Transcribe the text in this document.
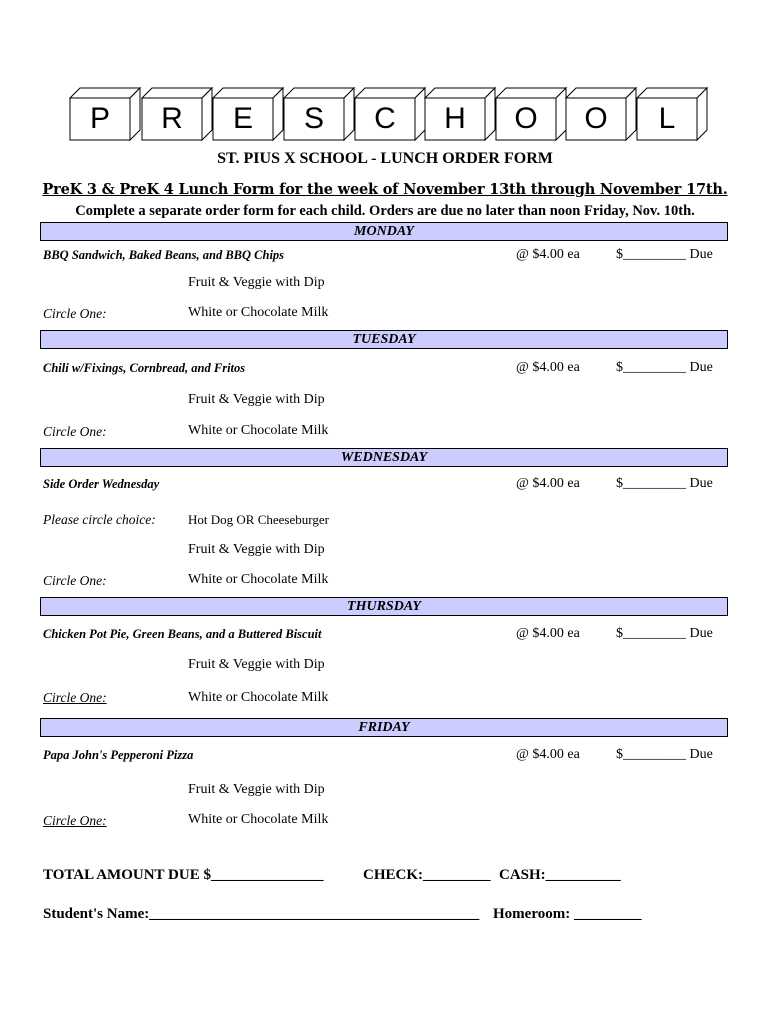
P	R	E	S	C	H	O	O	L
ST. PIUS X SCHOOL - LUNCH ORDER FORM
PreK 3 & PreK 4 Lunch Form for the week of November 13th through November 17th.
Complete a separate order form for each child. Orders are due no later than noon Friday, Nov. 10th.
MONDAY
BBQ Sandwich, Baked Beans, and BBQ Chips	@ $4.00 ea	$_________ Due
Fruit & Veggie with Dip
Circle One:	White or Chocolate Milk
TUESDAY
Chili w/Fixings, Cornbread, and Fritos	@ $4.00 ea	$_________ Due
Fruit & Veggie with Dip
Circle One:	White or Chocolate Milk
WEDNESDAY
Side Order Wednesday	@ $4.00 ea	$_________ Due
Please circle choice: Hot Dog OR Cheeseburger
Fruit & Veggie with Dip
Circle One:	White or Chocolate Milk
THURSDAY
Chicken Pot Pie, Green Beans, and a Buttered Biscuit	@ $4.00 ea	$_________ Due
Fruit & Veggie with Dip
Circle One:	White or Chocolate Milk
FRIDAY
Papa John's Pepperoni Pizza	@ $4.00 ea	$_________ Due
Fruit & Veggie with Dip
Circle One:	White or Chocolate Milk
TOTAL AMOUNT DUE $_______________	CHECK:_________ CASH:__________
Student's Name:____________________________________________ Homeroom: _________
